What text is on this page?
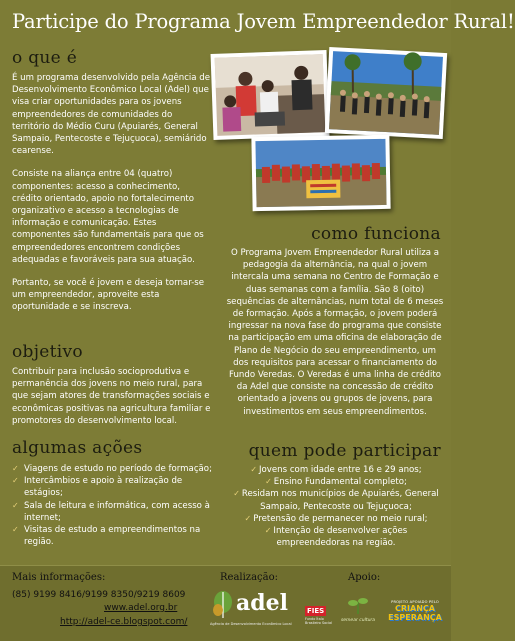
Participe do Programa Jovem Empreendedor Rural!
o que é

É um programa desenvolvido pela Agência de Desenvolvimento Econômico Local (Adel) que visa criar oportunidades para os jovens empreendedores de comunidades do território do Médio Curu (Apuiarés, General Sampaio, Pentecoste e Tejuçuoca), semiárido cearense.

Consiste na aliança entre 04 (quatro) componentes: acesso a conhecimento, crédito orientado, apoio no fortalecimento organizativo e acesso a tecnologias de informação e comunicação. Estes componentes são fundamentais para que os empreendedores encontrem condições adequadas e favoráveis para sua atuação.

Portanto, se você é jovem e deseja tornar-se um empreendedor, aproveite esta oportunidade e se inscreva.

objetivo
Contribuir para inclusão socioprodutiva e permanência dos jovens no meio rural, para que sejam atores de transformações sociais e econômicas positivas na agricultura familiar e promotores do desenvolvimento local.
algumas ações
✓ Viagens de estudo no período de formação;
✓ Intercâmbios e apoio à realização de estágios;
✓ Sala de leitura e informática, com acesso à internet;
✓ Visitas de estudo a empreendimentos na região.
como funciona
O Programa Jovem Empreendedor Rural utiliza a pedagogia da alternância, na qual o jovem intercala uma semana no Centro de Formação e duas semanas com a família. São 8 (oito) sequências de alternâncias, num total de 6 meses de formação. Após a formação, o jovem poderá ingressar na nova fase do programa que consiste na participação em uma oficina de elaboração de Plano de Negócio do seu empreendimento, um dos requisitos para acessar o financiamento do Fundo Veredas. O Veredas é uma linha de crédito da Adel que consiste na concessão de crédito orientado a jovens ou grupos de jovens, para investimentos em seus empreendimentos.
quem pode participar
✓ Jovens com idade entre 16 e 29 anos;
✓ Ensino Fundamental completo;
✓ Residam nos municípios de Apuiarés, General Sampaio, Pentecoste ou Tejuçuoca;
✓ Pretensão de permanecer no meio rural;
✓ Intenção de desenvolver ações empreendedoras na região.
Mais informações:
(85) 9199 8416/9199 8350/9219 8609
www.adel.org.br
http://adel-ce.blogspot.com/
Realização:
adel
Agência de Desenvolvimento Econômico Local
Apoio:
FIES
Fundo Ítalo Brasileiro Social	semear cultura
PROJETO APOIADO PELO
CRIANÇA ESPERANÇA
